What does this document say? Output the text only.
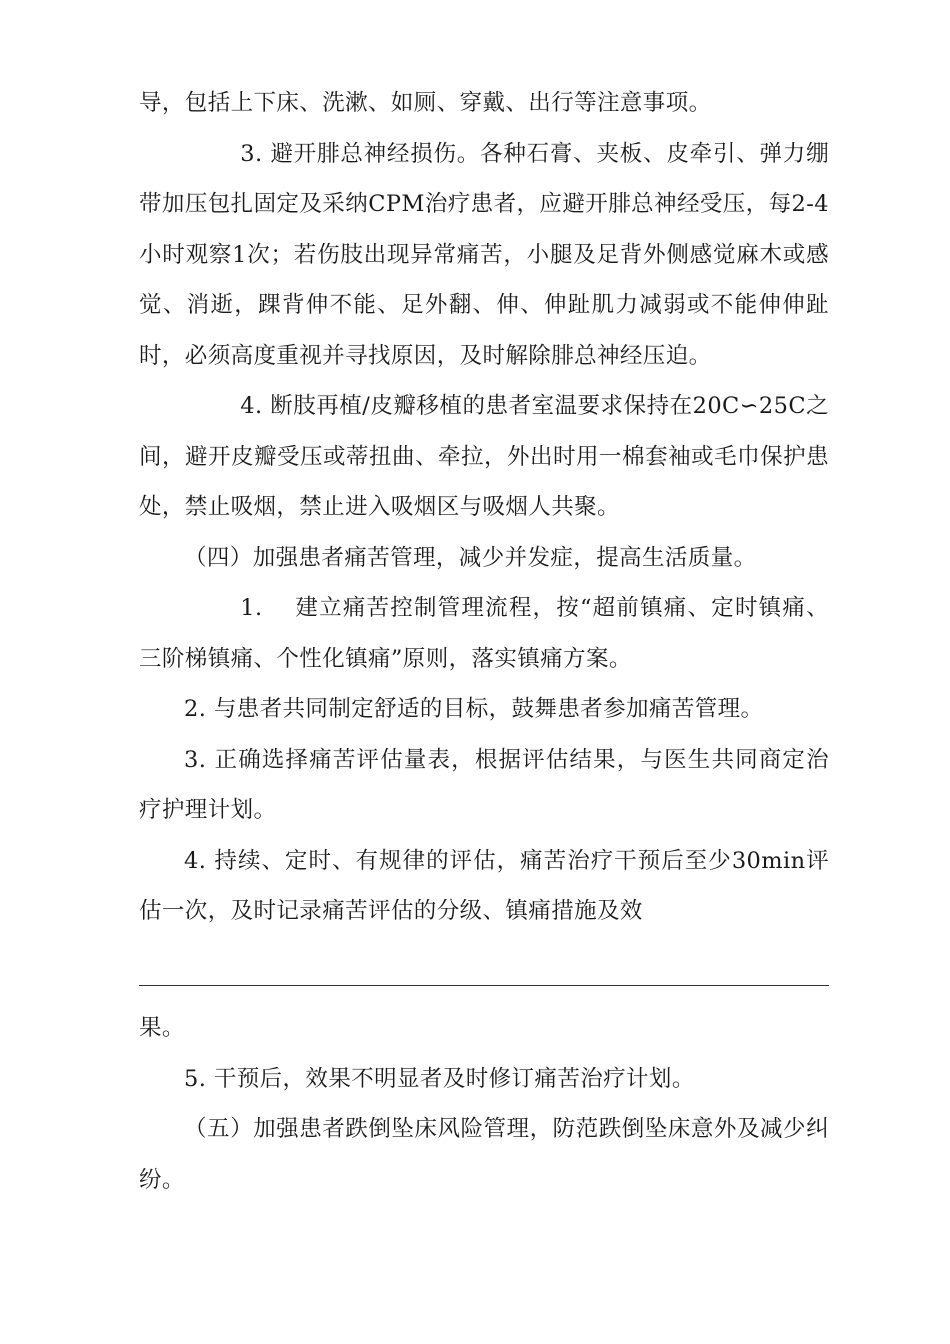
导，包括上下床、洗漱、如厕、穿戴、出行等注意事项。

3. 避开腓总神经损伤。各种石膏、夹板、皮牵引、弹力绷带加压包扎固定及采纳CPM治疗患者，应避开腓总神经受压，每2-4小时观察1次；若伤肢出现异常痛苦，小腿及足背外侧感觉麻木或感觉、消逝，踝背伸不能、足外翻、伸、伸趾肌力减弱或不能伸伸趾时，必须高度重视并寻找原因，及时解除腓总神经压迫。

4. 断肢再植/皮瓣移植的患者室温要求保持在20C∽25C之间，避开皮瓣受压或蒂扭曲、牵拉，外出时用一棉套袖或毛巾保护患处，禁止吸烟，禁止进入吸烟区与吸烟人共聚。

（四）加强患者痛苦管理，减少并发症，提高生活质量。

1.　 建立痛苦控制管理流程，按“超前镇痛、定时镇痛、三阶梯镇痛、个性化镇痛”原则，落实镇痛方案。

2. 与患者共同制定舒适的目标，鼓舞患者参加痛苦管理。

3. 正确选择痛苦评估量表，根据评估结果，与医生共同商定治疗护理计划。

4. 持续、定时、有规律的评估，痛苦治疗干预后至少30min评估一次，及时记录痛苦评估的分级、镇痛措施及效

果。

5. 干预后，效果不明显者及时修订痛苦治疗计划。

（五）加强患者跌倒坠床风险管理，防范跌倒坠床意外及减少纠纷。
